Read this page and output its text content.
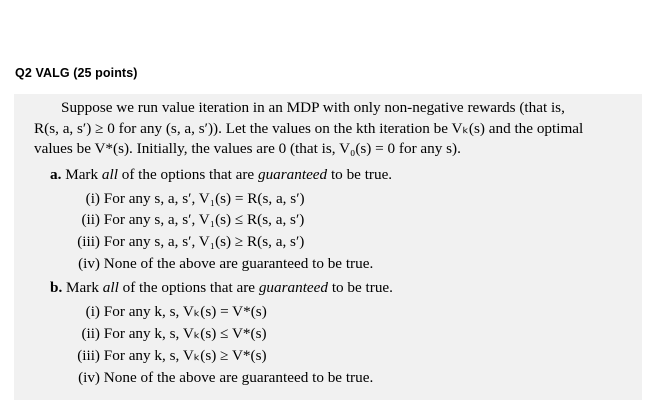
Q2 VALG (25 points)
Suppose we run value iteration in an MDP with only non-negative rewards (that is,
R(s, a, s′) ≥ 0 for any (s, a, s′)). Let the values on the kth iteration be Vₖ(s) and the optimal
values be V*(s). Initially, the values are 0 (that is, V₀(s) = 0 for any s).
a. Mark all of the options that are guaranteed to be true.
(i) For any s, a, s′, V₁(s) = R(s, a, s′)
(ii) For any s, a, s′, V₁(s) ≤ R(s, a, s′)
(iii) For any s, a, s′, V₁(s) ≥ R(s, a, s′)
(iv) None of the above are guaranteed to be true.
b. Mark all of the options that are guaranteed to be true.
(i) For any k, s, Vₖ(s) = V*(s)
(ii) For any k, s, Vₖ(s) ≤ V*(s)
(iii) For any k, s, Vₖ(s) ≥ V*(s)
(iv) None of the above are guaranteed to be true.
